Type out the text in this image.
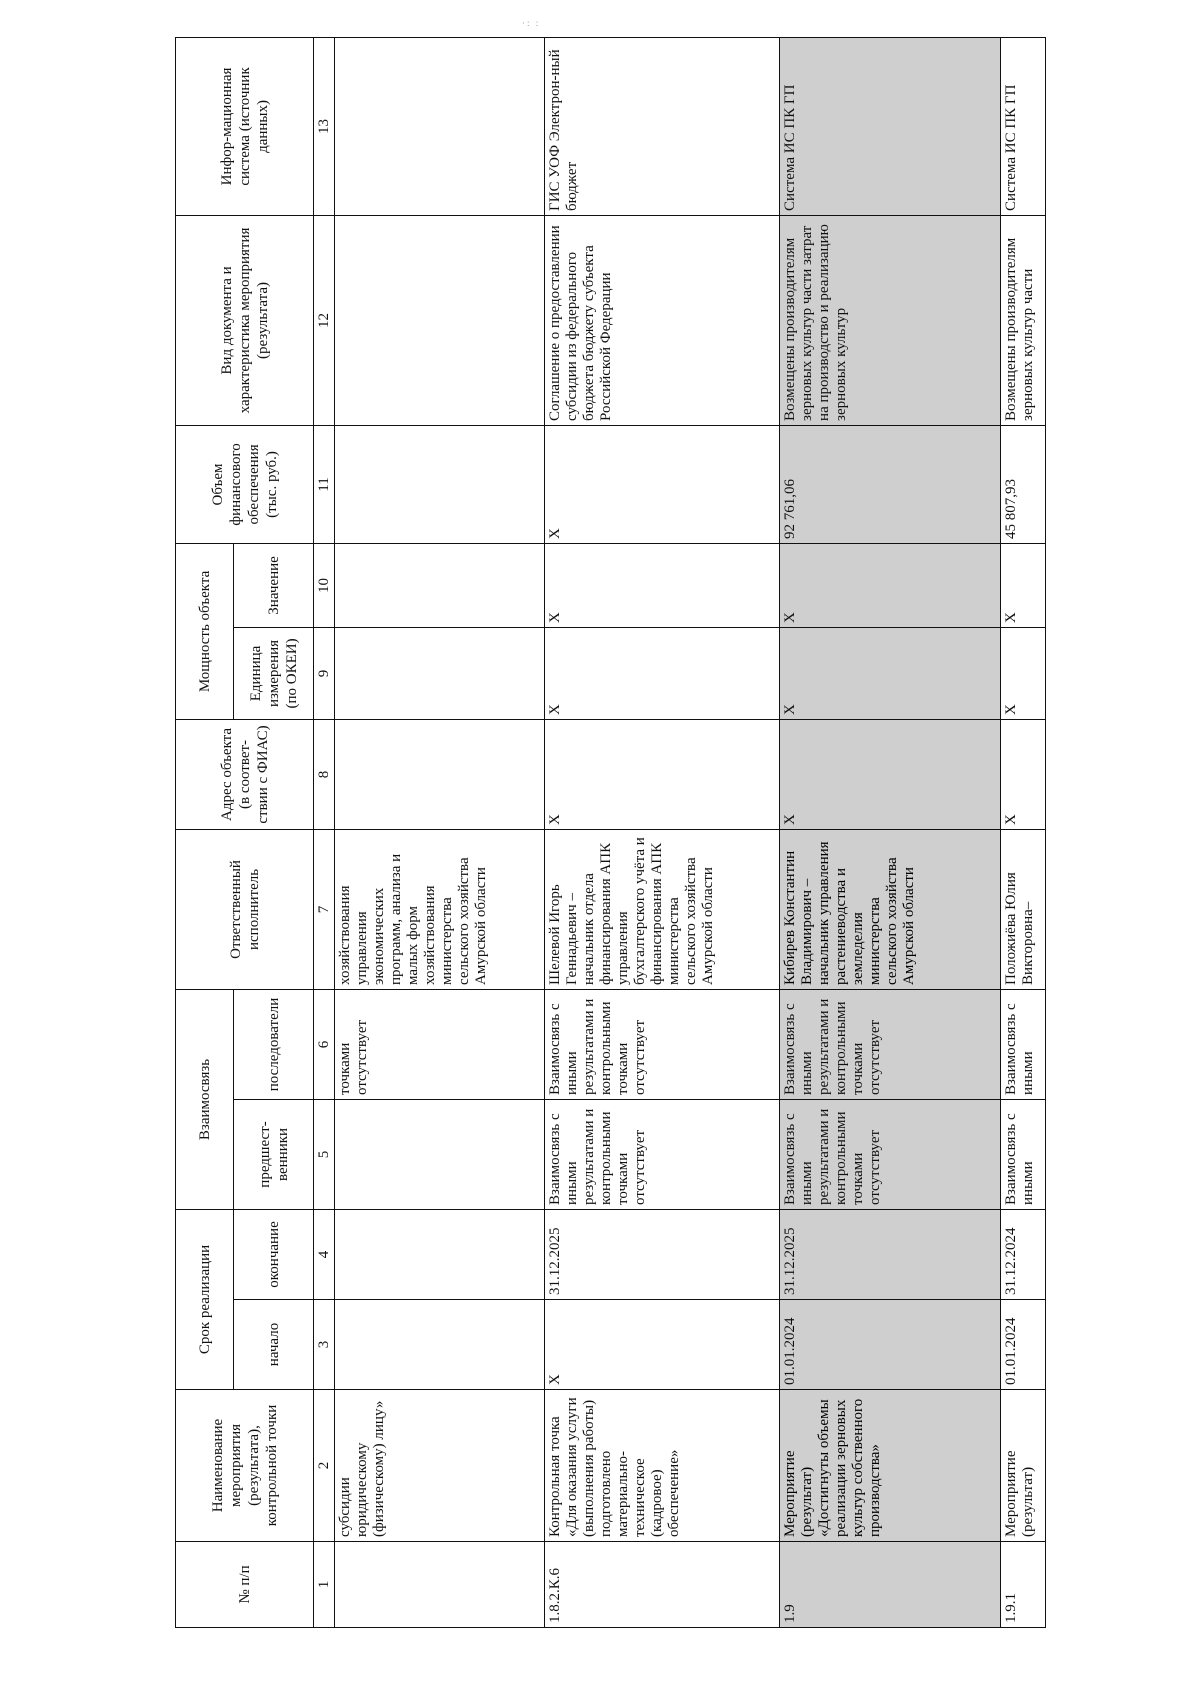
·: :
№ п/п	Наименование мероприятия (результата), контрольной точки	Срок реализации		Взаимосвязь		Ответственный исполнитель	Адрес объекта (в соответ-ствии с ФИАС)	Мощность объекта		Объем финансового обеспечения (тыс. руб.)	Вид документа и характеристика мероприятия (результата)	Инфор-мационная система (источник данных)
		начало	окончание	предшест-венники	последователи			Единица измерения (по ОКЕИ)	Значение			
1	2	3	4	5	6	7	8	9	10	11	12	13
	субсидии юридическому (физическому) лицу»				точками отсутствует	хозяйствования управления экономических программ, анализа и малых форм хозяйствования министерства сельского хозяйства Амурской области						
1.8.2.К.6	Контрольная точка «Для оказания услуги (выполнения работы) подготовлено материально-техническое (кадровое) обеспечение»	X	31.12.2025	Взаимосвязь с иными результатами и контрольными точками отсутствует	Взаимосвязь с иными результатами и контрольными точками отсутствует	Шелевой Игорь Геннадьевич – начальник отдела финансирования АПК управления бухгалтерского учёта и финансирования АПК министерства сельского хозяйства Амурской области	X	X	X	X	Соглашение о предоставлении субсидии из федерального бюджета бюджету субъекта Российской Федерации	ГИС УОФ Электрон-ный бюджет
1.9	Мероприятие (результат) «Достигнуты объемы реализации зерновых культур собственного производства»	01.01.2024	31.12.2025	Взаимосвязь с иными результатами и контрольными точками отсутствует	Взаимосвязь с иными результатами и контрольными точками отсутствует	Кибирев Константин Владимирович – начальник управления растениеводства и земледелия министерства сельского хозяйства Амурской области	X	X	X	92 761,06	Возмещены производителям зерновых культур части затрат на производство и реализацию зерновых культур	Система ИС ПК ГП
1.9.1	Мероприятие (результат)	01.01.2024	31.12.2024	Взаимосвязь с иными	Взаимосвязь с иными	Положиёва Юлия Викторовна–	X	X	X	45 807,93	Возмещены производителям зерновых культур части	Система ИС ПК ГП
